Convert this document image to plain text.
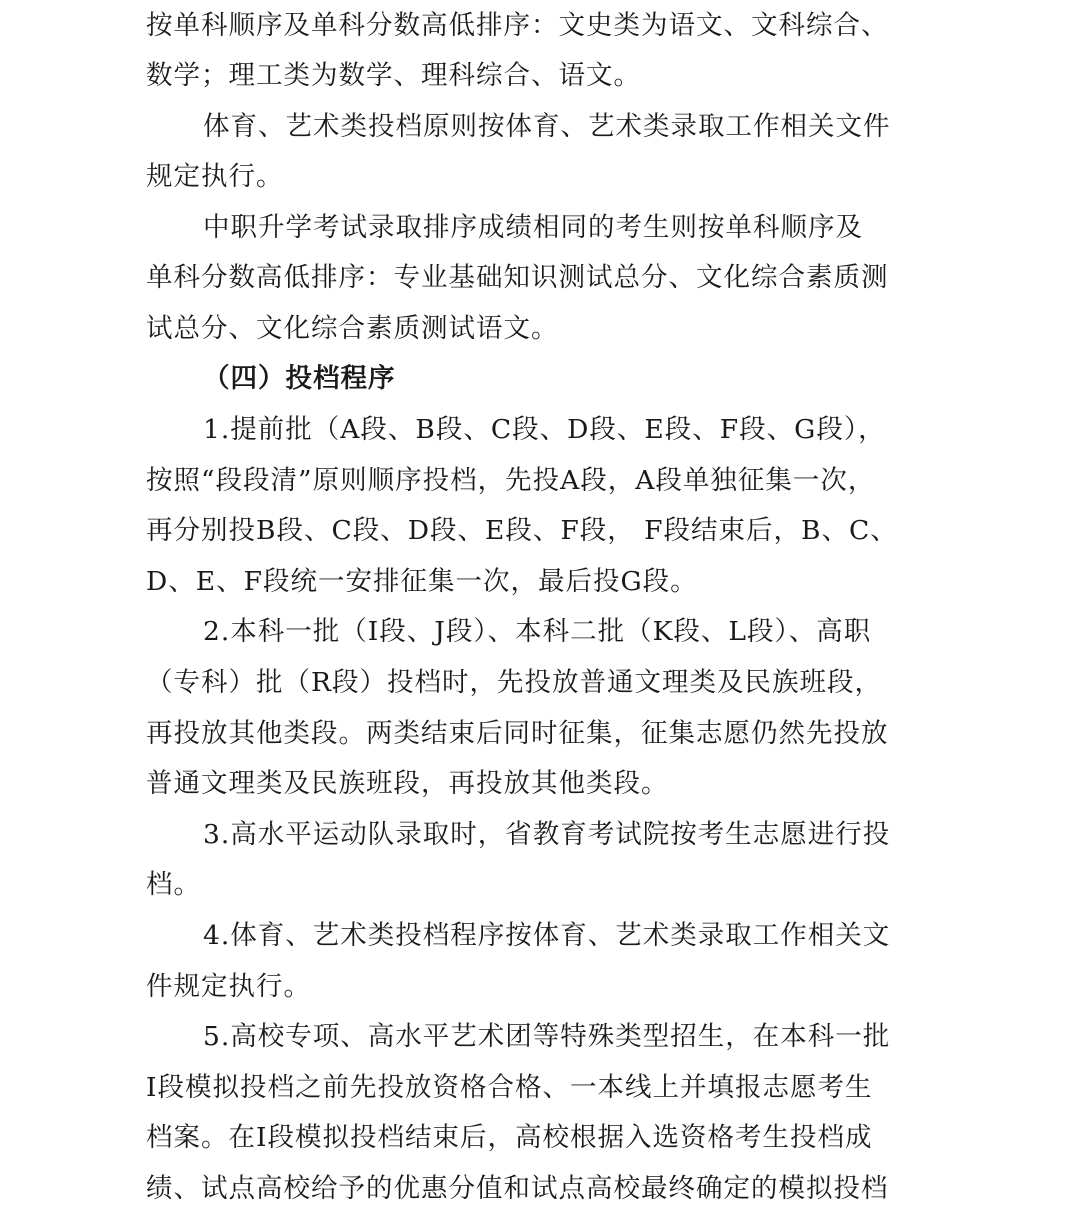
按单科顺序及单科分数高低排序：文史类为语文、文科综合、
数学；理工类为数学、理科综合、语文。
体育、艺术类投档原则按体育、艺术类录取工作相关文件
规定执行。
中职升学考试录取排序成绩相同的考生则按单科顺序及
单科分数高低排序：专业基础知识测试总分、文化综合素质测
试总分、文化综合素质测试语文。
（四）投档程序
1.提前批（A段、B段、C段、D段、E段、F段、G段），
按照“段段清”原则顺序投档，先投A段，A段单独征集一次，
再分别投B段、C段、D段、E段、F段， F段结束后，B、C、
D、E、F段统一安排征集一次，最后投G段。
2.本科一批（I段、J段）、本科二批（K段、L段）、高职
（专科）批（R段）投档时，先投放普通文理类及民族班段，
再投放其他类段。两类结束后同时征集，征集志愿仍然先投放
普通文理类及民族班段，再投放其他类段。
3.高水平运动队录取时，省教育考试院按考生志愿进行投
档。
4.体育、艺术类投档程序按体育、艺术类录取工作相关文
件规定执行。
5.高校专项、高水平艺术团等特殊类型招生，在本科一批
I段模拟投档之前先投放资格合格、一本线上并填报志愿考生
档案。在I段模拟投档结束后，高校根据入选资格考生投档成
绩、试点高校给予的优惠分值和试点高校最终确定的模拟投档
